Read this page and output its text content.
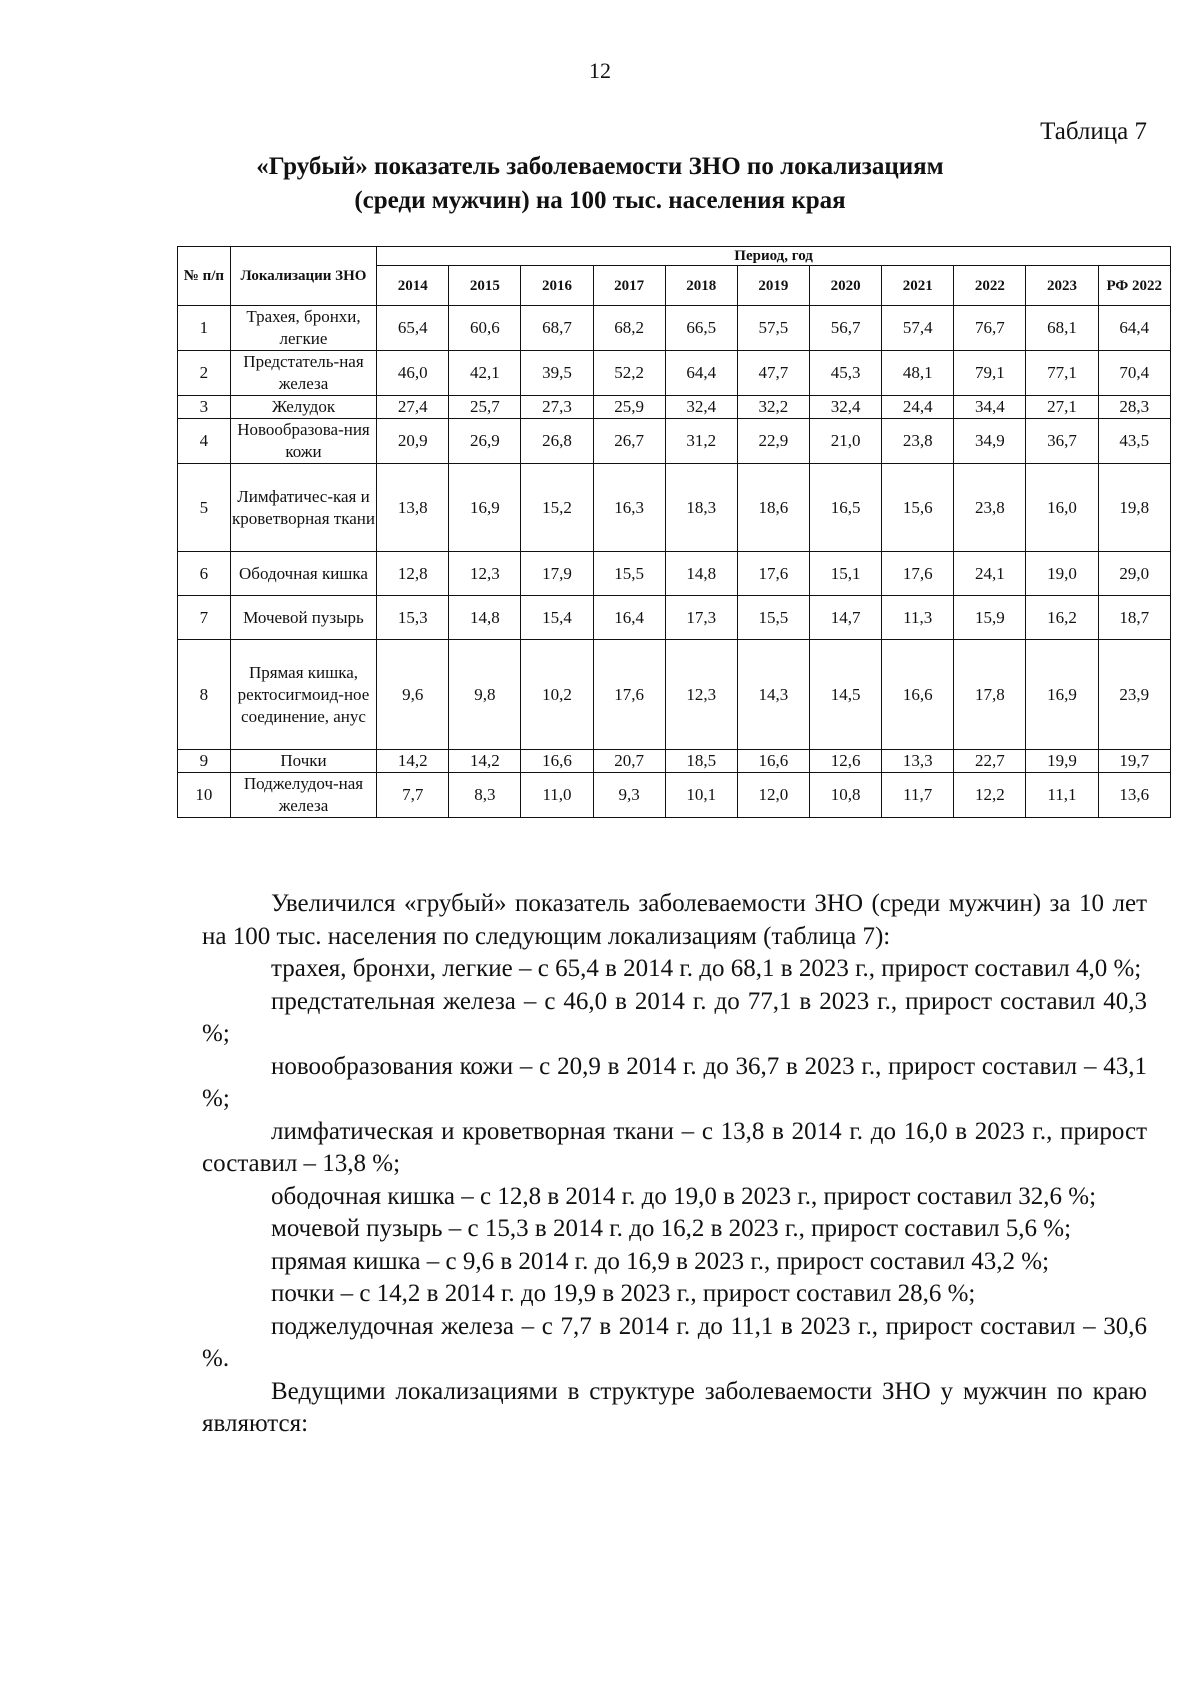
12
Таблица 7
«Грубый» показатель заболеваемости ЗНО по локализациям
(среди мужчин) на 100 тыс. населения края
№ п/п	Локализации ЗНО	Период, год										
		2014	2015	2016	2017	2018	2019	2020	2021	2022	2023	РФ 2022
1	Трахея, бронхи, легкие	65,4	60,6	68,7	68,2	66,5	57,5	56,7	57,4	76,7	68,1	64,4
2	Предстатель-ная железа	46,0	42,1	39,5	52,2	64,4	47,7	45,3	48,1	79,1	77,1	70,4
3	Желудок	27,4	25,7	27,3	25,9	32,4	32,2	32,4	24,4	34,4	27,1	28,3
4	Новообразова-ния кожи	20,9	26,9	26,8	26,7	31,2	22,9	21,0	23,8	34,9	36,7	43,5
5	Лимфатичес-кая и кроветворная ткани	13,8	16,9	15,2	16,3	18,3	18,6	16,5	15,6	23,8	16,0	19,8
6	Ободочная кишка	12,8	12,3	17,9	15,5	14,8	17,6	15,1	17,6	24,1	19,0	29,0
7	Мочевой пузырь	15,3	14,8	15,4	16,4	17,3	15,5	14,7	11,3	15,9	16,2	18,7
8	Прямая кишка, ректосигмоид-ное соединение, анус	9,6	9,8	10,2	17,6	12,3	14,3	14,5	16,6	17,8	16,9	23,9
9	Почки	14,2	14,2	16,6	20,7	18,5	16,6	12,6	13,3	22,7	19,9	19,7
10	Поджелудоч-ная железа	7,7	8,3	11,0	9,3	10,1	12,0	10,8	11,7	12,2	11,1	13,6

Увеличился «грубый» показатель заболеваемости ЗНО (среди мужчин) за 10 лет на 100 тыс. населения по следующим локализациям (таблица 7):

трахея, бронхи, легкие – с 65,4 в 2014 г. до 68,1 в 2023 г., прирост составил 4,0 %;

предстательная железа – с 46,0 в 2014 г. до 77,1 в 2023 г., прирост составил 40,3 %;

новообразования кожи – с 20,9 в 2014 г. до 36,7 в 2023 г., прирост составил – 43,1 %;

лимфатическая и кроветворная ткани – с 13,8 в 2014 г. до 16,0 в 2023 г., прирост составил – 13,8 %;

ободочная кишка – с 12,8 в 2014 г. до 19,0 в 2023 г., прирост составил 32,6 %;

мочевой пузырь – с 15,3 в 2014 г. до 16,2 в 2023 г., прирост составил 5,6 %;

прямая кишка – с 9,6 в 2014 г. до 16,9 в 2023 г., прирост составил 43,2 %;

почки – с 14,2 в 2014 г. до 19,9 в 2023 г., прирост составил 28,6 %;

поджелудочная железа – с 7,7 в 2014 г. до 11,1 в 2023 г., прирост составил – 30,6 %.

Ведущими локализациями в структуре заболеваемости ЗНО у мужчин по краю являются:
